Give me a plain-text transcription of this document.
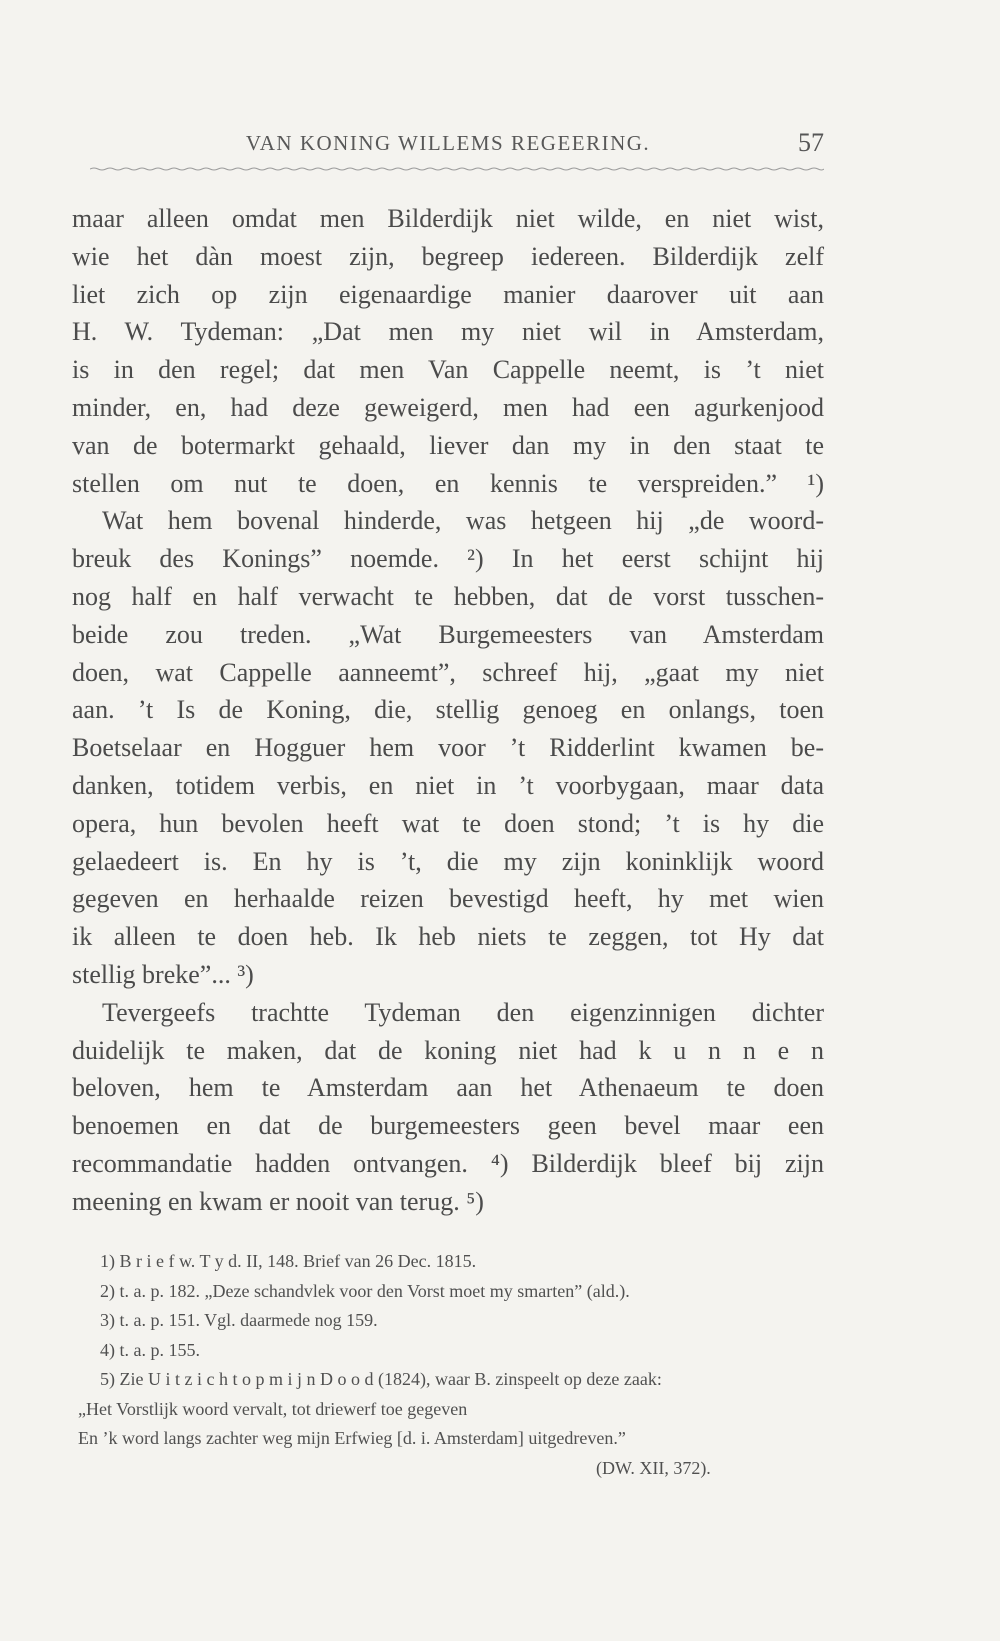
VAN KONING WILLEMS REGEERING.	57
maar alleen omdat men Bilderdijk niet wilde, en niet wist,
wie het dàn moest zijn, begreep iedereen. Bilderdijk zelf
liet zich op zijn eigenaardige manier daarover uit aan
H. W. Tydeman: „Dat men my niet wil in Amsterdam,
is in den regel; dat men Van Cappelle neemt, is ’t niet
minder, en, had deze geweigerd, men had een agurkenjood
van de botermarkt gehaald, liever dan my in den staat te
stellen om nut te doen, en kennis te verspreiden.” ¹)
Wat hem bovenal hinderde, was hetgeen hij „de woord-
breuk des Konings” noemde. ²) In het eerst schijnt hij
nog half en half verwacht te hebben, dat de vorst tusschen-
beide zou treden. „Wat Burgemeesters van Amsterdam
doen, wat Cappelle aanneemt”, schreef hij, „gaat my niet
aan. ’t Is de Koning, die, stellig genoeg en onlangs, toen
Boetselaar en Hogguer hem voor ’t Ridderlint kwamen be-
danken, totidem verbis, en niet in ’t voorbygaan, maar data
opera, hun bevolen heeft wat te doen stond; ’t is hy die
gelaedeert is. En hy is ’t, die my zijn koninklijk woord
gegeven en herhaalde reizen bevestigd heeft, hy met wien
ik alleen te doen heb. Ik heb niets te zeggen, tot Hy dat
stellig breke”... ³)
Tevergeefs trachtte Tydeman den eigenzinnigen dichter
duidelijk te maken, dat de koning niet had k u n n e n
beloven, hem te Amsterdam aan het Athenaeum te doen
benoemen en dat de burgemeesters geen bevel maar een
recommandatie hadden ontvangen. ⁴) Bilderdijk bleef bij zijn
meening en kwam er nooit van terug. ⁵)
1) B r i e f w. T y d. II, 148. Brief van 26 Dec. 1815.
2) t. a. p. 182. „Deze schandvlek voor den Vorst moet my smarten” (ald.).
3) t. a. p. 151. Vgl. daarmede nog 159.
4) t. a. p. 155.
5) Zie U i t z i c h t o p m i j n D o o d (1824), waar B. zinspeelt op deze zaak:
„Het Vorstlijk woord vervalt, tot driewerf toe gegeven
En ’k word langs zachter weg mijn Erfwieg [d. i. Amsterdam] uitgedreven.”
(DW. XII, 372).
